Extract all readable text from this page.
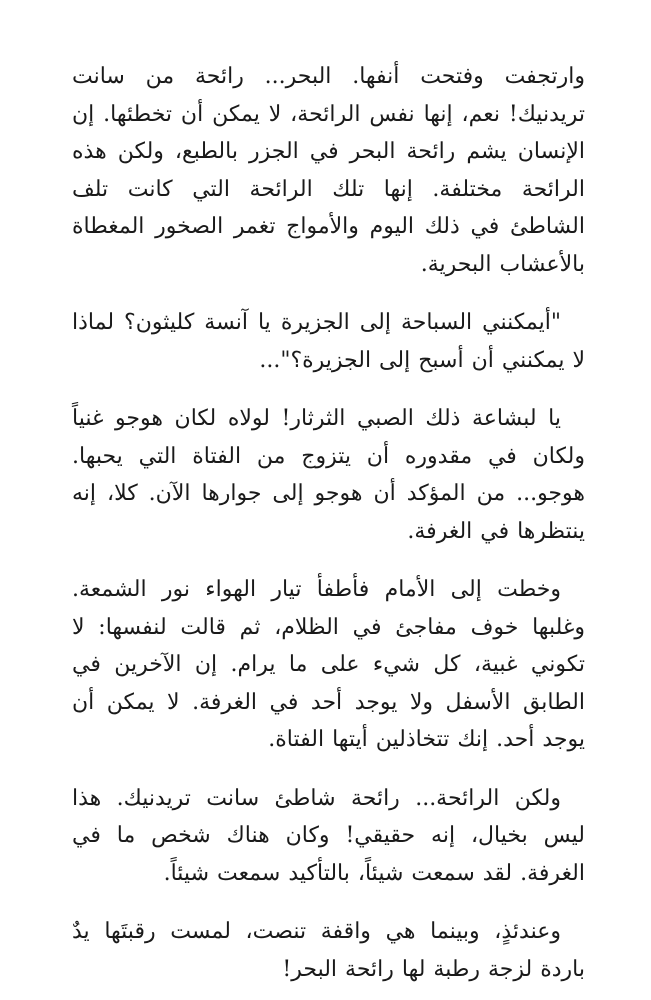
وارتجفت وفتحت أنفها. البحر... رائحة من سانت تريدنيك! نعم، إنها نفس الرائحة، لا يمكن أن تخطئها. إن الإنسان يشم رائحة البحر في الجزر بالطبع، ولكن هذه الرائحة مختلفة. إنها تلك الرائحة التي كانت تلف الشاطئ في ذلك اليوم والأمواج تغمر الصخور المغطاة بالأعشاب البحرية.

"أيمكنني السباحة إلى الجزيرة يا آنسة كليثون؟ لماذا لا يمكنني أن أسبح إلى الجزيرة؟"...

يا لبشاعة ذلك الصبي الثرثار! لولاه لكان هوجو غنياً ولكان في مقدوره أن يتزوج من الفتاة التي يحبها. هوجو... من المؤكد أن هوجو إلى جوارها الآن. كلا، إنه ينتظرها في الغرفة.

وخطت إلى الأمام فأطفأ تيار الهواء نور الشمعة. وغلبها خوف مفاجئ في الظلام، ثم قالت لنفسها: لا تكوني غبية، كل شيء على ما يرام. إن الآخرين في الطابق الأسفل ولا يوجد أحد في الغرفة. لا يمكن أن يوجد أحد. إنك تتخاذلين أيتها الفتاة.

ولكن الرائحة... رائحة شاطئ سانت تريدنيك. هذا ليس بخيال، إنه حقيقي! وكان هناك شخص ما في الغرفة. لقد سمعت شيئاً، بالتأكيد سمعت شيئاً.

وعندئذٍ، وبينما هي واقفة تنصت، لمست رقبتَها يدٌ باردة لزجة رطبة لها رائحة البحر!
